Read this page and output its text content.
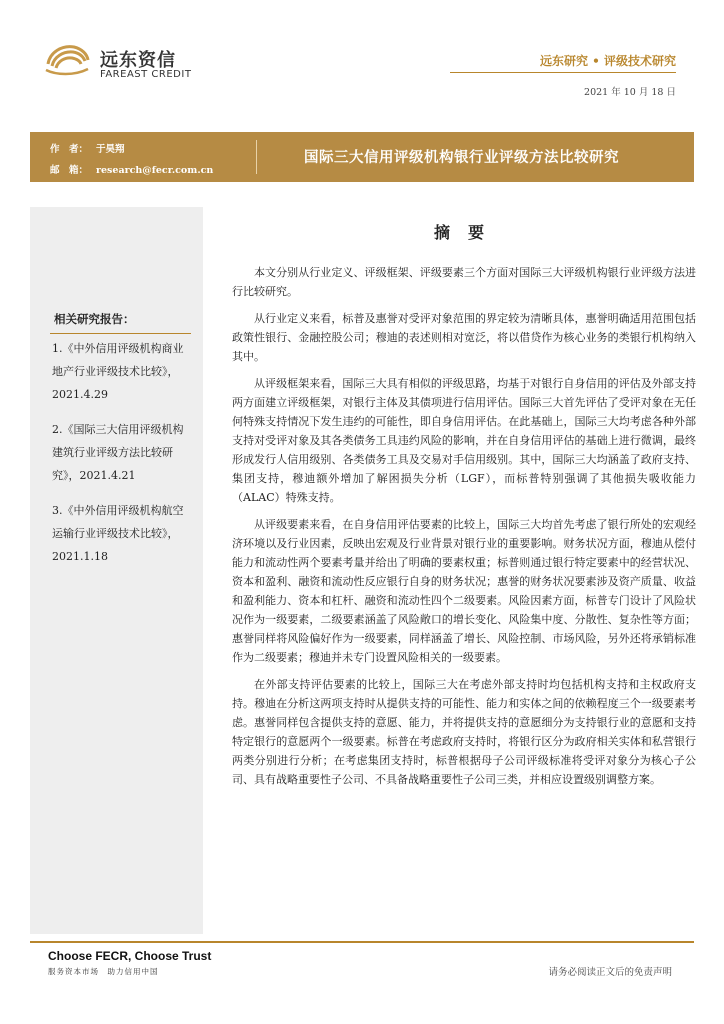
远东资信
FAREAST CREDIT
远东研究 • 评级技术研究
2021 年 10 月 18 日
作　者： 于昊翔
邮　箱： research@fecr.com.cn
国际三大信用评级机构银行业评级方法比较研究
相关研究报告：
1.《中外信用评级机构商业地产行业评级技术比较》，2021.4.29
2.《国际三大信用评级机构建筑行业评级方法比较研究》，2021.4.21
3.《中外信用评级机构航空运输行业评级技术比较》，2021.1.18
摘要

本文分别从行业定义、评级框架、评级要素三个方面对国际三大评级机构银行业评级方法进行比较研究。

从行业定义来看，标普及惠誉对受评对象范围的界定较为清晰具体，惠誉明确适用范围包括政策性银行、金融控股公司；穆迪的表述则相对宽泛，将以借贷作为核心业务的类银行机构纳入其中。

从评级框架来看，国际三大具有相似的评级思路，均基于对银行自身信用的评估及外部支持两方面建立评级框架，对银行主体及其债项进行信用评估。国际三大首先评估了受评对象在无任何特殊支持情况下发生违约的可能性，即自身信用评估。在此基础上，国际三大均考虑各种外部支持对受评对象及其各类债务工具违约风险的影响，并在自身信用评估的基础上进行微调，最终形成发行人信用级别、各类债务工具及交易对手信用级别。其中，国际三大均涵盖了政府支持、集团支持，穆迪额外增加了解困损失分析（LGF），而标普特别强调了其他损失吸收能力（ALAC）特殊支持。

从评级要素来看，在自身信用评估要素的比较上，国际三大均首先考虑了银行所处的宏观经济环境以及行业因素，反映出宏观及行业背景对银行业的重要影响。财务状况方面，穆迪从偿付能力和流动性两个要素考量并给出了明确的要素权重；标普则通过银行特定要素中的经营状况、资本和盈利、融资和流动性反应银行自身的财务状况；惠誉的财务状况要素涉及资产质量、收益和盈利能力、资本和杠杆、融资和流动性四个二级要素。风险因素方面，标普专门设计了风险状况作为一级要素，二级要素涵盖了风险敞口的增长变化、风险集中度、分散性、复杂性等方面；惠誉同样将风险偏好作为一级要素，同样涵盖了增长、风险控制、市场风险，另外还将承销标准作为二级要素；穆迪并未专门设置风险相关的一级要素。

在外部支持评估要素的比较上，国际三大在考虑外部支持时均包括机构支持和主权政府支持。穆迪在分析这两项支持时从提供支持的可能性、能力和实体之间的依赖程度三个一级要素考虑。惠誉同样包含提供支持的意愿、能力，并将提供支持的意愿细分为支持银行业的意愿和支持特定银行的意愿两个一级要素。标普在考虑政府支持时，将银行区分为政府相关实体和私营银行两类分别进行分析；在考虑集团支持时，标普根据母子公司评级标准将受评对象分为核心子公司、具有战略重要性子公司、不具备战略重要性子公司三类，并相应设置级别调整方案。

Choose FECR, Choose Trust
服务资本市场　助力信用中国	请务必阅读正文后的免责声明
